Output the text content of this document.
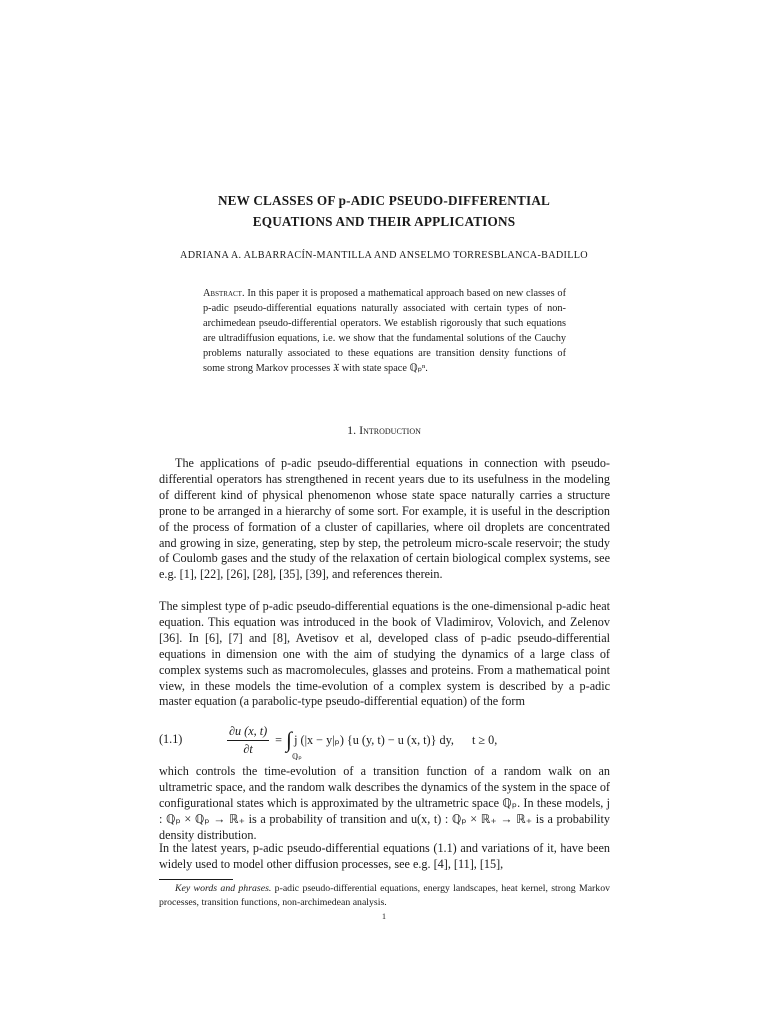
NEW CLASSES OF p-ADIC PSEUDO-DIFFERENTIAL
EQUATIONS AND THEIR APPLICATIONS
ADRIANA A. ALBARRACÍN-MANTILLA AND ANSELMO TORRESBLANCA-BADILLO
Abstract. In this paper it is proposed a mathematical approach based on new classes of p-adic pseudo-differential equations naturally associated with certain types of non-archimedean pseudo-differential operators. We establish rigorously that such equations are ultradiffusion equations, i.e. we show that the fundamental solutions of the Cauchy problems naturally associated to these equations are transition density functions of some strong Markov processes 𝔛 with state space ℚₚⁿ.
1. Introduction
The applications of p-adic pseudo-differential equations in connection with pseudo-differential operators has strengthened in recent years due to its usefulness in the modeling of different kind of physical phenomenon whose state space naturally carries a structure prone to be arranged in a hierarchy of some sort. For example, it is useful in the description of the process of formation of a cluster of capillaries, where oil droplets are concentrated and growing in size, generating, step by step, the petroleum micro-scale reservoir; the study of Coulomb gases and the study of the relaxation of certain biological complex systems, see e.g. [1], [22], [26], [28], [35], [39], and references therein.
The simplest type of p-adic pseudo-differential equations is the one-dimensional p-adic heat equation. This equation was introduced in the book of Vladimirov, Volovich, and Zelenov [36]. In [6], [7] and [8], Avetisov et al, developed class of p-adic pseudo-differential equations in dimension one with the aim of studying the dynamics of a large class of complex systems such as macromolecules, glasses and proteins. From a mathematical point view, in these models the time-evolution of a complex system is described by a p-adic master equation (a parabolic-type pseudo-differential equation) of the form
(1.1)	$\frac{\partial u (x, t)}{\partial t}$ = ∫
ℚₚ
j (|x − y|ₚ) {u (y, t) − u (x, t)} dy, t ≥ 0,
which controls the time-evolution of a transition function of a random walk on an ultrametric space, and the random walk describes the dynamics of the system in the space of configurational states which is approximated by the ultrametric space ℚₚ. In these models, j : ℚₚ × ℚₚ → ℝ₊ is a probability of transition and u(x, t) : ℚₚ × ℝ₊ → ℝ₊ is a probability density distribution.
In the latest years, p-adic pseudo-differential equations (1.1) and variations of it, have been widely used to model other diffusion processes, see e.g. [4], [11], [15],
Key words and phrases. p-adic pseudo-differential equations, energy landscapes, heat kernel, strong Markov processes, transition functions, non-archimedean analysis.
1
